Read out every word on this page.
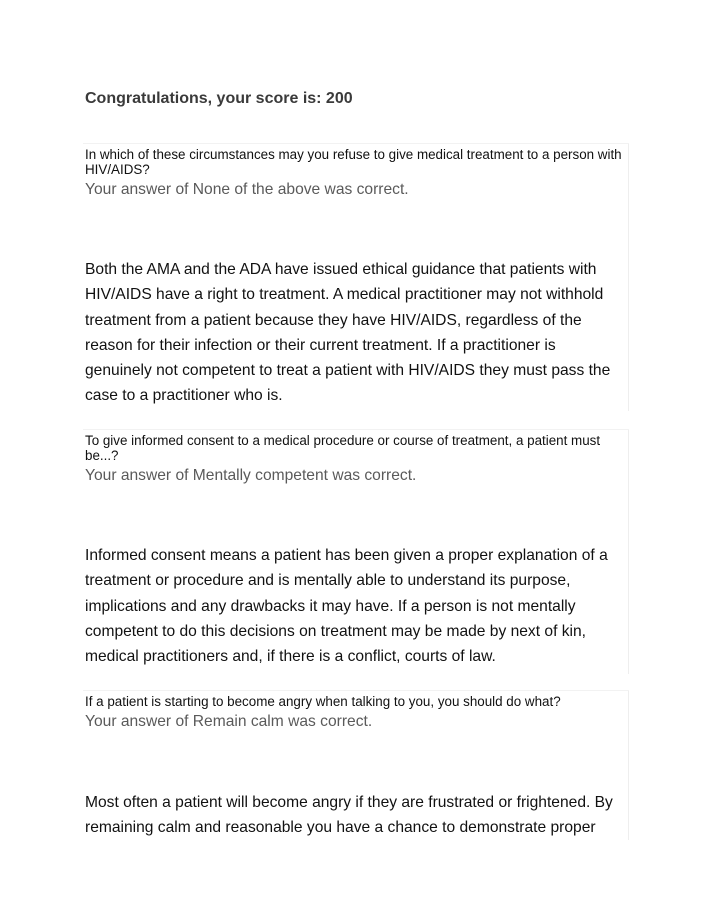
Congratulations, your score is: 200

In which of these circumstances may you refuse to give medical treatment to a person with HIV/AIDS?

Your answer of None of the above was correct.

Both the AMA and the ADA have issued ethical guidance that patients with HIV/AIDS have a right to treatment. A medical practitioner may not withhold treatment from a patient because they have HIV/AIDS, regardless of the reason for their infection or their current treatment. If a practitioner is genuinely not competent to treat a patient with HIV/AIDS they must pass the case to a practitioner who is.

To give informed consent to a medical procedure or course of treatment, a patient must be...?

Your answer of Mentally competent was correct.

Informed consent means a patient has been given a proper explanation of a treatment or procedure and is mentally able to understand its purpose, implications and any drawbacks it may have. If a person is not mentally competent to do this decisions on treatment may be made by next of kin, medical practitioners and, if there is a conflict, courts of law.

If a patient is starting to become angry when talking to you, you should do what?

Your answer of Remain calm was correct.

Most often a patient will become angry if they are frustrated or frightened. By remaining calm and reasonable you have a chance to demonstrate proper
